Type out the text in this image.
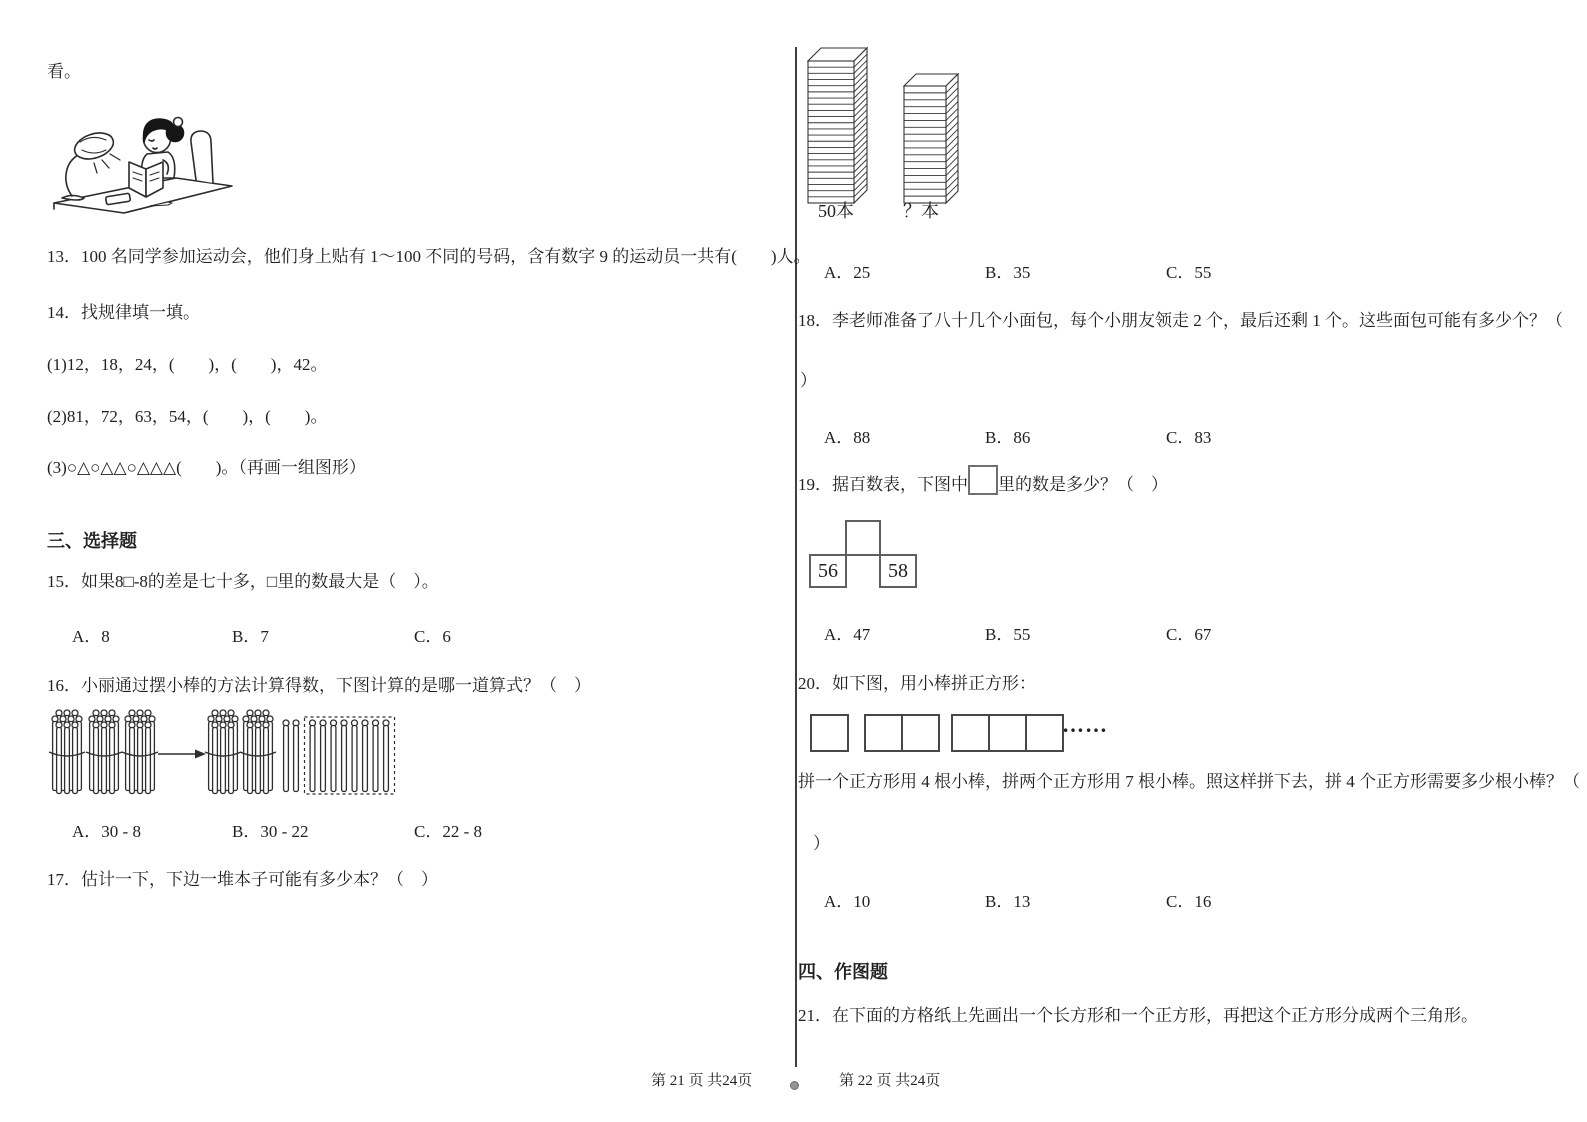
看。
13．100 名同学参加运动会，他们身上贴有 1～100 不同的号码，含有数字 9 的运动员一共有(　　)人。
14．找规律填一填。
(1)12，18，24，(　　)，(　　)，42。
(2)81，72，63，54，(　　)，(　　)。
(3)○△○△△○△△△(　　)。（再画一组图形）
三、选择题
15．如果8□-8的差是七十多，□里的数最大是（　）。
A．8	B．7	C．6
16．小丽通过摆小棒的方法计算得数，下图计算的是哪一道算式？（　）
A．30 - 8	B．30 - 22	C．22 - 8
17．估计一下，下边一堆本子可能有多少本？（　）
第 21 页 共24页
50本	？本
A．25	B．35	C．55
18．李老师准备了八十几个小面包，每个小朋友领走 2 个，最后还剩 1 个。这些面包可能有多少个？（
）
A．88	B．86	C．83
19．据百数表，下图中 里的数是多少？（　）
56	58
A．47	B．55	C．67
20．如下图，用小棒拼正方形：
……
拼一个正方形用 4 根小棒，拼两个正方形用 7 根小棒。照这样拼下去，拼 4 个正方形需要多少根小棒？（
）
A．10	B．13	C．16
四、作图题
21．在下面的方格纸上先画出一个长方形和一个正方形，再把这个正方形分成两个三角形。
第 22 页 共24页
